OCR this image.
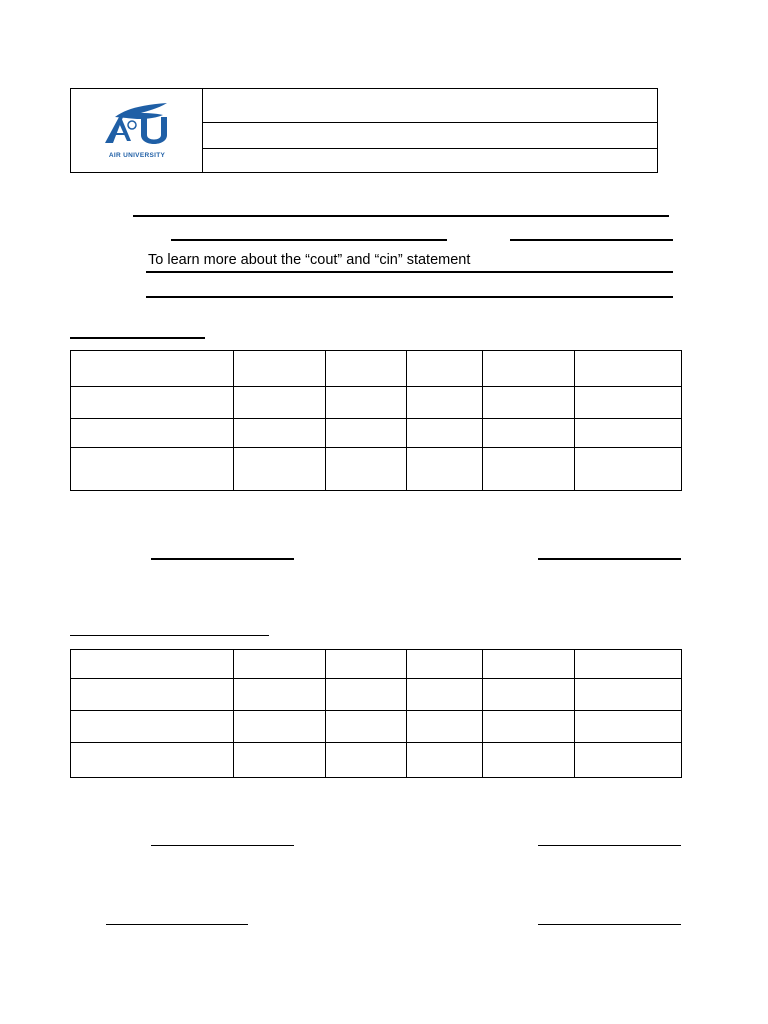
AIR UNIVERSITY
To learn more about the “cout” and “cin” statement
